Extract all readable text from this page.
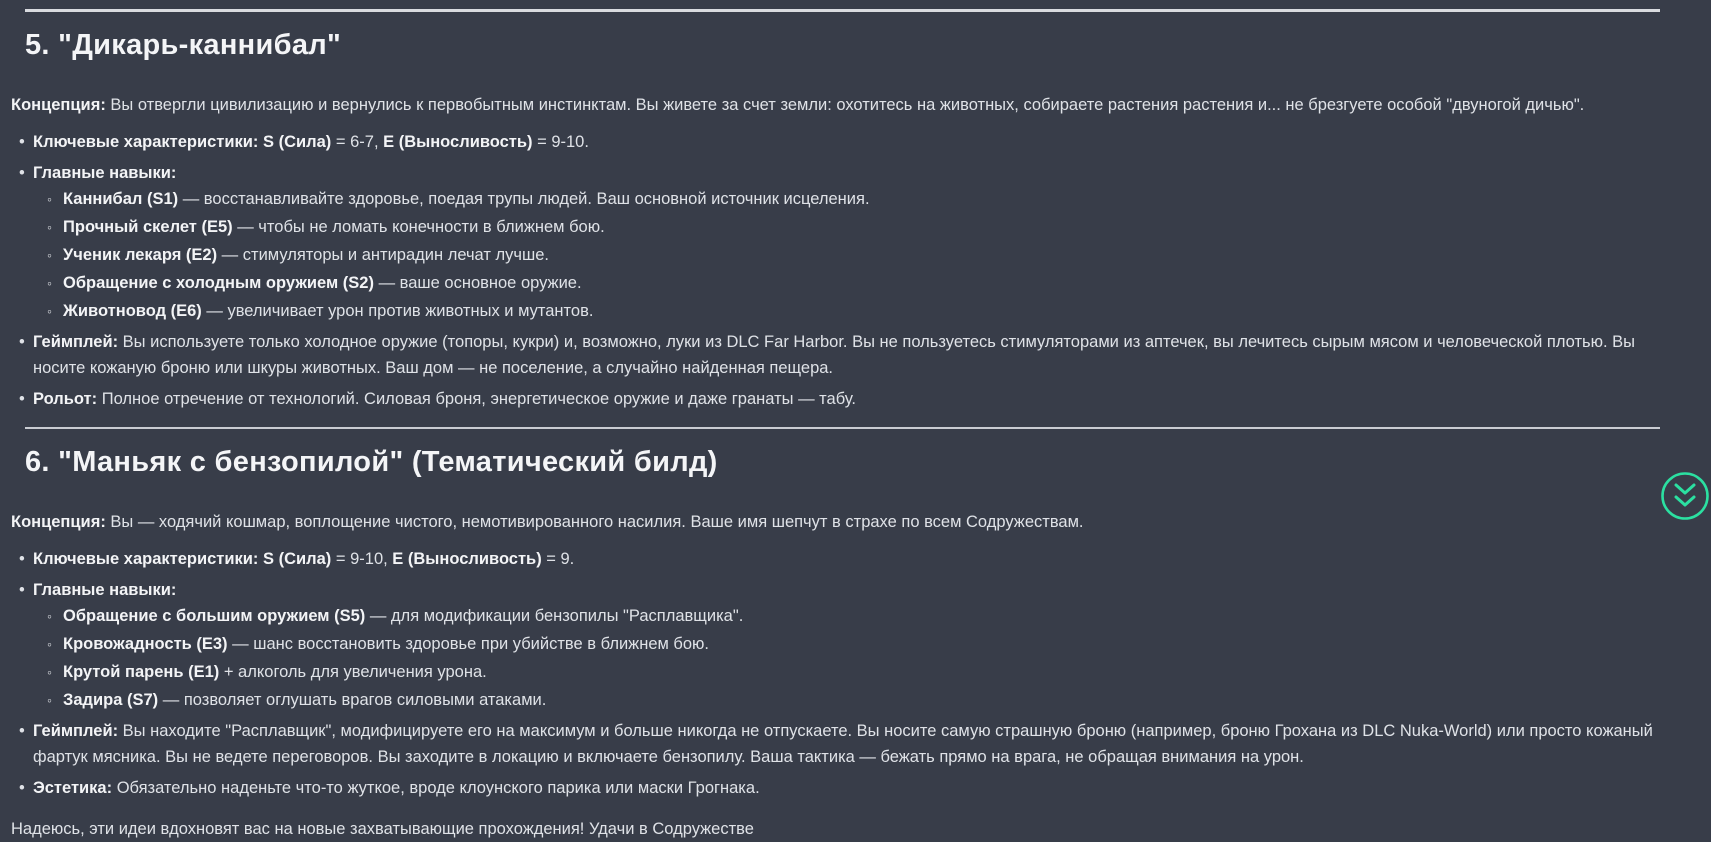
5. "Дикарь-каннибал"

Концепция: Вы отвергли цивилизацию и вернулись к первобытным инстинктам. Вы живете за счет земли: охотитесь на животных, собираете растения растения и... не брезгуете особой "двуногой дичью".

• Ключевые характеристики: S (Сила) = 6-7, E (Выносливость) = 9-10.
• Главные навыки:
◦ Каннибал (S1) — восстанавливайте здоровье, поедая трупы людей. Ваш основной источник исцеления.
◦ Прочный скелет (E5) — чтобы не ломать конечности в ближнем бою.
◦ Ученик лекаря (E2) — стимуляторы и антирадин лечат лучше.
◦ Обращение с холодным оружием (S2) — ваше основное оружие.
◦ Животновод (E6) — увеличивает урон против животных и мутантов.
• Геймплей: Вы используете только холодное оружие (топоры, кукри) и, возможно, луки из DLC Far Harbor. Вы не пользуетесь стимуляторами из аптечек, вы лечитесь сырым мясом и человеческой плотью. Вы носите кожаную броню или шкуры животных. Ваш дом — не поселение, а случайно найденная пещера.
• Рольот: Полное отречение от технологий. Силовая броня, энергетическое оружие и даже гранаты — табу.
6. "Маньяк с бензопилой" (Тематический билд)

Концепция: Вы — ходячий кошмар, воплощение чистого, немотивированного насилия. Ваше имя шепчут в страхе по всем Содружествам.

• Ключевые характеристики: S (Сила) = 9-10, E (Выносливость) = 9.
• Главные навыки:
◦ Обращение с большим оружием (S5) — для модификации бензопилы "Расплавщика".
◦ Кровожадность (E3) — шанс восстановить здоровье при убийстве в ближнем бою.
◦ Крутой парень (E1) + алкоголь для увеличения урона.
◦ Задира (S7) — позволяет оглушать врагов силовыми атаками.
• Геймплей: Вы находите "Расплавщик", модифицируете его на максимум и больше никогда не отпускаете. Вы носите самую страшную броню (например, броню Грохана из DLC Nuka-World) или просто кожаный фартук мясника. Вы не ведете переговоров. Вы заходите в локацию и включаете бензопилу. Ваша тактика — бежать прямо на врага, не обращая внимания на урон.
• Эстетика: Обязательно наденьте что-то жуткое, вроде клоунского парика или маски Грогнака.

Надеюсь, эти идеи вдохновят вас на новые захватывающие прохождения! Удачи в Содружестве
